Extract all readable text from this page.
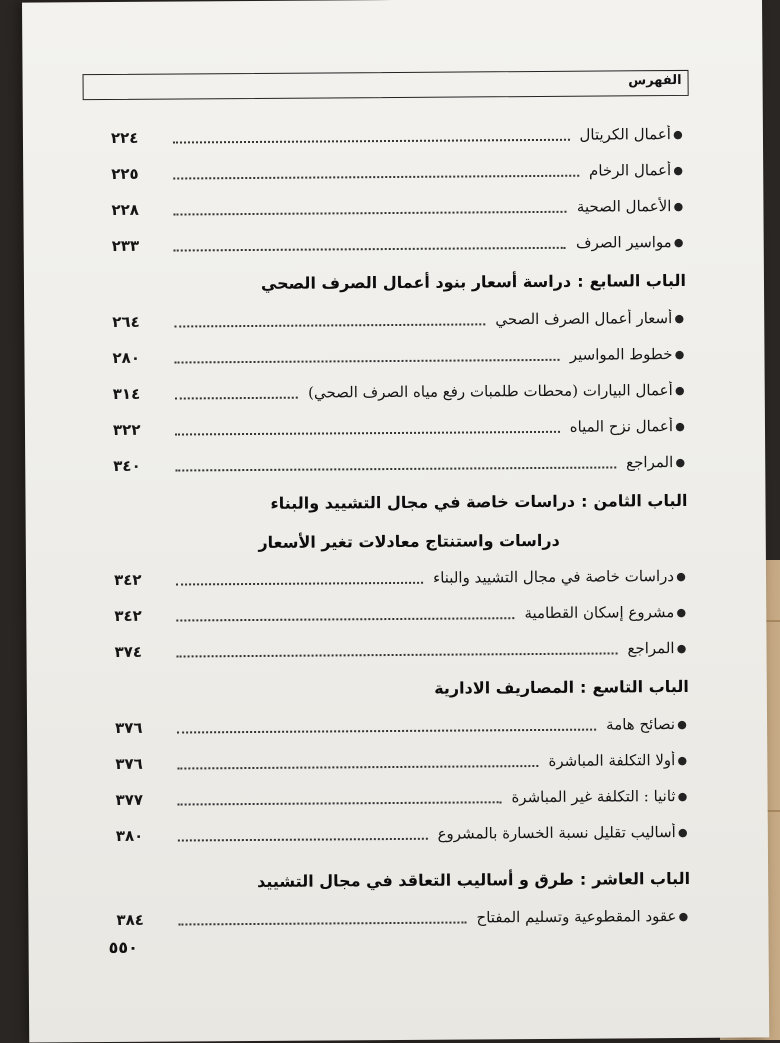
الفهرس
●
أعمال الكريتال
٢٢٤
●
أعمال الرخام
٢٢٥
●
الأعمال الصحية
٢٢٨
●
مواسير الصرف
٢٣٣
الباب السابع
:
دراسة أسعار بنود أعمال الصرف الصحي
●
أسعار أعمال الصرف الصحي
٢٦٤
●
خطوط المواسير
٢٨٠
●
أعمال البيارات (محطات طلمبات رفع مياه الصرف الصحي)
٣١٤
●
أعمال نزح المياه
٣٢٢
●
المراجع
٣٤٠
الباب الثامن
:
دراسات خاصة في مجال التشييد والبناء
دراسات واستنتاج معادلات تغير الأسعار
●
دراسات خاصة في مجال التشييد والبناء
٣٤٢
●
مشروع إسكان القطامية
٣٤٢
●
المراجع
٣٧٤
الباب التاسع
:
المصاريف الادارية
●
نصائح هامة
٣٧٦
●
أولا التكلفة المباشرة
٣٧٦
●
ثانيا : التكلفة غير المباشرة
٣٧٧
●
أساليب تقليل نسبة الخسارة بالمشروع
٣٨٠
الباب العاشر
:
طرق و أساليب التعاقد في مجال التشييد
●
عقود المقطوعية وتسليم المفتاح
٣٨٤
٥٥٠
